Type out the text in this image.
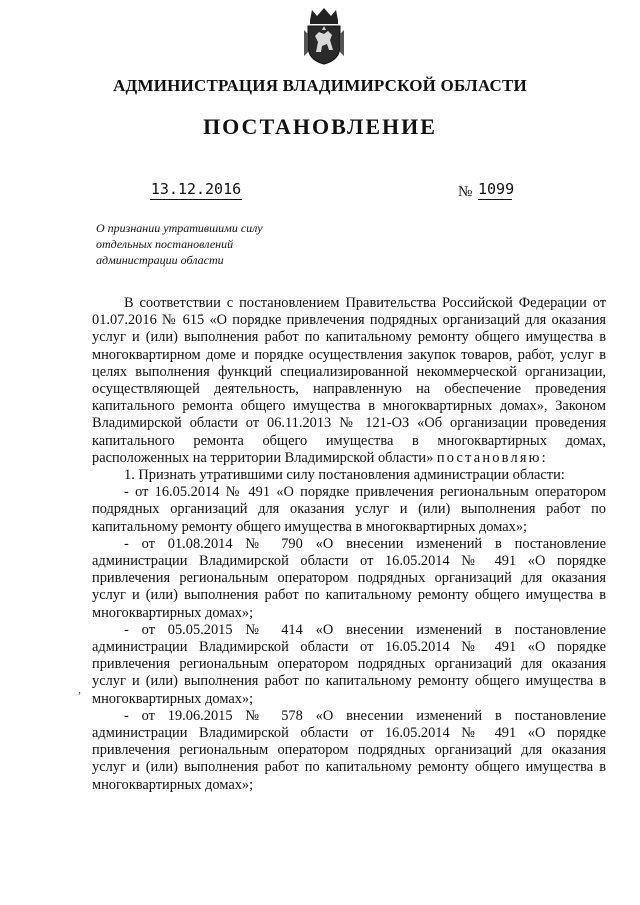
АДМИНИСТРАЦИЯ ВЛАДИМИРСКОЙ ОБЛАСТИ
ПОСТАНОВЛЕНИЕ
13.12.2016	№ 1099
О признании утратившими силу
отдельных постановлений
администрации области
,

В соответствии с постановлением Правительства Российской Федерации от 01.07.2016 № 615 «О порядке привлечения подрядных организаций для оказания услуг и (или) выполнения работ по капитальному ремонту общего имущества в многоквартирном доме и порядке осуществления закупок товаров, работ, услуг в целях выполнения функций специализированной некоммерческой организации, осуществляющей деятельность, направленную на обеспечение проведения капитального ремонта общего имущества в многоквартирных домах», Законом Владимирской области от 06.11.2013 № 121-ОЗ «Об организации проведения капитального ремонта общего имущества в многоквартирных домах, расположенных на территории Владимирской области» постановляю:

1. Признать утратившими силу постановления администрации области:

- от 16.05.2014 № 491 «О порядке привлечения региональным оператором подрядных организаций для оказания услуг и (или) выполнения работ по капитальному ремонту общего имущества в многоквартирных домах»;

- от 01.08.2014 № 790 «О внесении изменений в постановление администрации Владимирской области от 16.05.2014 № 491 «О порядке привлечения региональным оператором подрядных организаций для оказания услуг и (или) выполнения работ по капитальному ремонту общего имущества в многоквартирных домах»;

- от 05.05.2015 № 414 «О внесении изменений в постановление администрации Владимирской области от 16.05.2014 № 491 «О порядке привлечения региональным оператором подрядных организаций для оказания услуг и (или) выполнения работ по капитальному ремонту общего имущества в многоквартирных домах»;

- от 19.06.2015 № 578 «О внесении изменений в постановление администрации Владимирской области от 16.05.2014 № 491 «О порядке привлечения региональным оператором подрядных организаций для оказания услуг и (или) выполнения работ по капитальному ремонту общего имущества в многоквартирных домах»;
